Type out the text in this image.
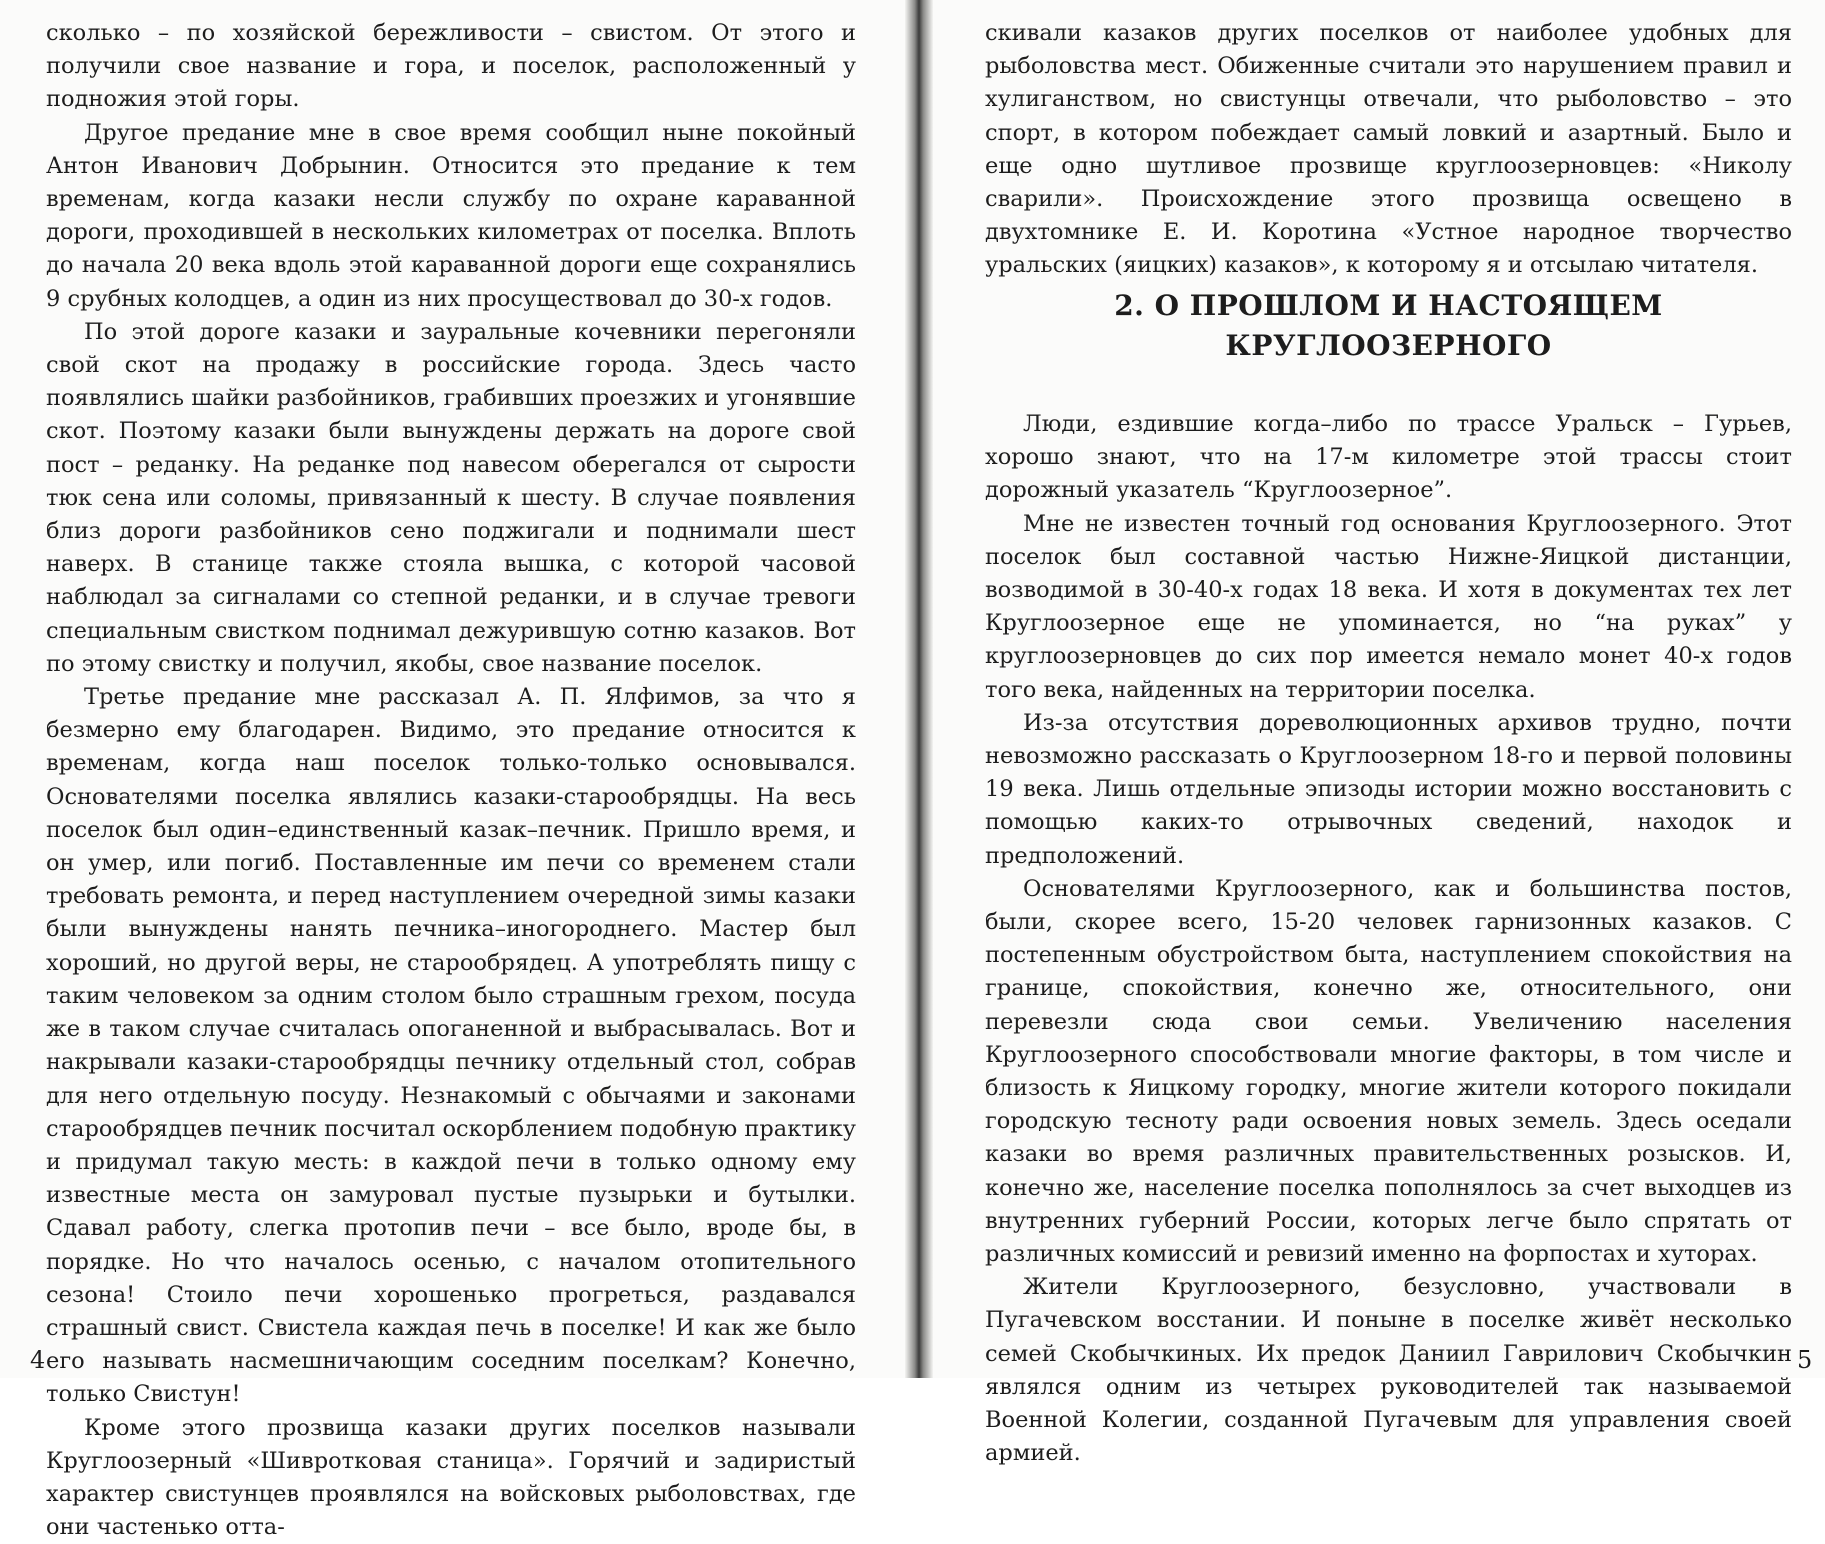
сколько – по хозяйской бережливости – свистом. От этого и получили свое название и гора, и поселок, расположенный у подножия этой горы.

Другое предание мне в свое время сообщил ныне покойный Антон Иванович Добрынин. Относится это предание к тем временам, когда казаки несли службу по охране караванной дороги, проходившей в нескольких километрах от поселка. Вплоть до начала 20 века вдоль этой караванной дороги еще сохранялись 9 срубных колодцев, а один из них просуществовал до 30-х годов.

По этой дороге казаки и зауральные кочевники перегоняли свой скот на продажу в российские города. Здесь часто появлялись шайки разбойников, грабивших проезжих и угонявшие скот. Поэтому казаки были вынуждены держать на дороге свой пост – реданку. На реданке под навесом оберегался от сырости тюк сена или соломы, привязанный к шесту. В случае появления близ дороги разбойников сено поджигали и поднимали шест наверх. В станице также стояла вышка, с которой часовой наблюдал за сигналами со степной реданки, и в случае тревоги специальным свистком поднимал дежурившую сотню казаков. Вот по этому свистку и получил, якобы, свое название поселок.

Третье предание мне рассказал А. П. Ялфимов, за что я безмерно ему благодарен. Видимо, это предание относится к временам, когда наш поселок только-только основывался. Основателями поселка являлись казаки-старообрядцы. На весь поселок был один–единственный казак–печник. Пришло время, и он умер, или погиб. Поставленные им печи со временем стали требовать ремонта, и перед наступлением очередной зимы казаки были вынуждены нанять печника–иногороднего. Мастер был хороший, но другой веры, не старообрядец. А употреблять пищу с таким человеком за одним столом было страшным грехом, посуда же в таком случае считалась опоганенной и выбрасывалась. Вот и накрывали казаки-старообрядцы печнику отдельный стол, собрав для него отдельную посуду. Незнакомый с обычаями и законами старообрядцев печник посчитал оскорблением подобную практику и придумал такую месть: в каждой печи в только одному ему известные места он замуровал пустые пузырьки и бутылки. Сдавал работу, слегка протопив печи – все было, вроде бы, в порядке. Но что началось осенью, с началом отопительного сезона! Стоило печи хорошенько прогреться, раздавался страшный свист. Свистела каждая печь в поселке! И как же было его называть насмешничающим соседним поселкам? Конечно, только Свистун!

Кроме этого прозвища казаки других поселков называли Круглоозерный «Шивротковая станица». Горячий и задиристый характер свистунцев проявлялся на войсковых рыболовствах, где они частенько отта-

4

скивали казаков других поселков от наиболее удобных для рыболовства мест. Обиженные считали это нарушением правил и хулиганством, но свистунцы отвечали, что рыболовство – это спорт, в котором побеждает самый ловкий и азартный. Было и еще одно шутливое прозвище круглоозерновцев: «Николу сварили». Происхождение этого прозвища освещено в двухтомнике Е. И. Коротина «Устное народное творчество уральских (яицких) казаков», к которому я и отсылаю читателя.

2. О ПРОШЛОМ И НАСТОЯЩЕМ
КРУГЛООЗЕРНОГО

Люди, ездившие когда–либо по трассе Уральск – Гурьев, хорошо знают, что на 17-м километре этой трассы стоит дорожный указатель “Круглоозерное”.

Мне не известен точный год основания Круглоозерного. Этот поселок был составной частью Нижне-Яицкой дистанции, возводимой в 30-40-х годах 18 века. И хотя в документах тех лет Круглоозерное еще не упоминается, но “на руках” у круглоозерновцев до сих пор имеется немало монет 40-х годов того века, найденных на территории поселка.

Из-за отсутствия дореволюционных архивов трудно, почти невозможно рассказать о Круглоозерном 18-го и первой половины 19 века. Лишь отдельные эпизоды истории можно восстановить с помощью каких-то отрывочных сведений, находок и предположений.

Основателями Круглоозерного, как и большинства постов, были, скорее всего, 15-20 человек гарнизонных казаков. С постепенным обустройством быта, наступлением спокойствия на границе, спокойствия, конечно же, относительного, они перевезли сюда свои семьи. Увеличению населения Круглоозерного способствовали многие факторы, в том числе и близость к Яицкому городку, многие жители которого покидали городскую тесноту ради освоения новых земель. Здесь оседали казаки во время различных правительственных розысков. И, конечно же, население поселка пополнялось за счет выходцев из внутренних губерний России, которых легче было спрятать от различных комиссий и ревизий именно на форпостах и хуторах.

Жители Круглоозерного, безусловно, участвовали в Пугачевском восстании. И поныне в поселке живёт несколько семей Скобычкиных. Их предок Даниил Гаврилович Скобычкин являлся одним из четырех руководителей так называемой Военной Колегии, созданной Пугачевым для управления своей армией.

5
